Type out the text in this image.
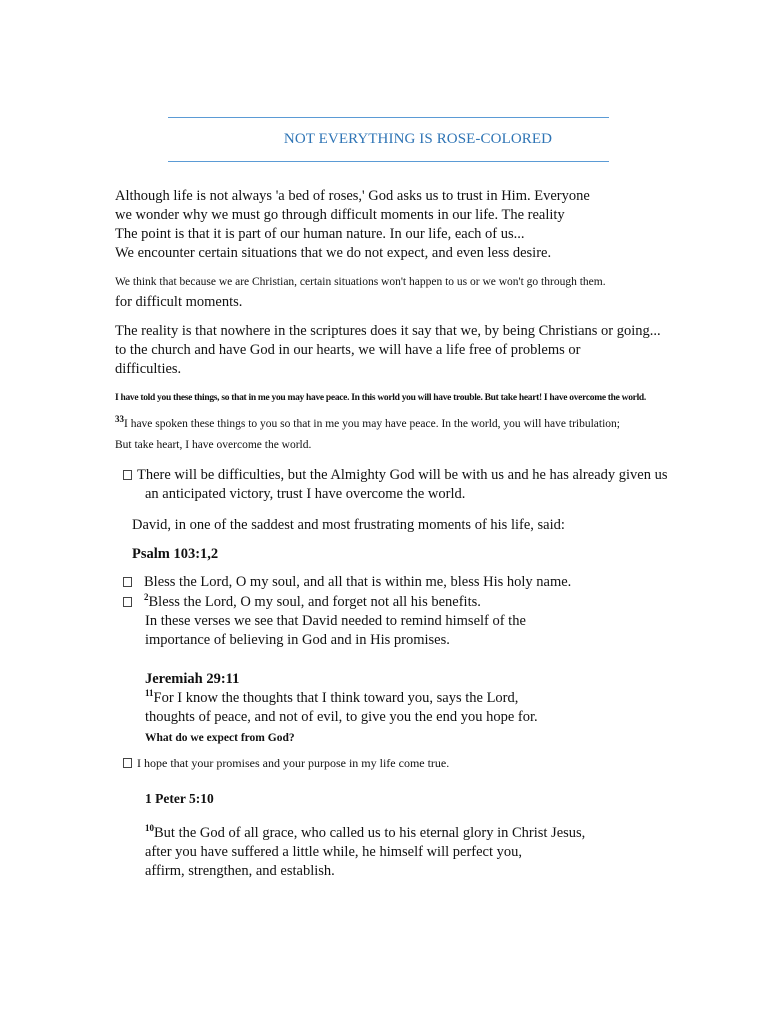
NOT EVERYTHING IS ROSE-COLORED
Although life is not always 'a bed of roses,' God asks us to trust in Him. Everyone
we wonder why we must go through difficult moments in our life. The reality
The point is that it is part of our human nature. In our life, each of us...
We encounter certain situations that we do not expect, and even less desire.
We think that because we are Christian, certain situations won't happen to us or we won't go through them.
for difficult moments.
The reality is that nowhere in the scriptures does it say that we, by being Christians or going...
to the church and have God in our hearts, we will have a life free of problems or
difficulties.
I have told you these things, so that in me you may have peace. In this world you will have trouble. But take heart! I have overcome the world.
$^{33}$I have spoken these things to you so that in me you may have peace. In the world, you will have tribulation;
But take heart, I have overcome the world.
There will be difficulties, but the Almighty God will be with us and he has already given us
an anticipated victory, trust I have overcome the world.
David, in one of the saddest and most frustrating moments of his life, said:
Psalm 103:1,2
Bless the Lord, O my soul, and all that is within me, bless His holy name.
$^2$Bless the Lord, O my soul, and forget not all his benefits.
In these verses we see that David needed to remind himself of the
importance of believing in God and in His promises.
Jeremiah 29:11
$^{11}$For I know the thoughts that I think toward you, says the Lord,
thoughts of peace, and not of evil, to give you the end you hope for.
What do we expect from God?
I hope that your promises and your purpose in my life come true.
1 Peter 5:10
$^{10}$But the God of all grace, who called us to his eternal glory in Christ Jesus,
after you have suffered a little while, he himself will perfect you,
affirm, strengthen, and establish.
